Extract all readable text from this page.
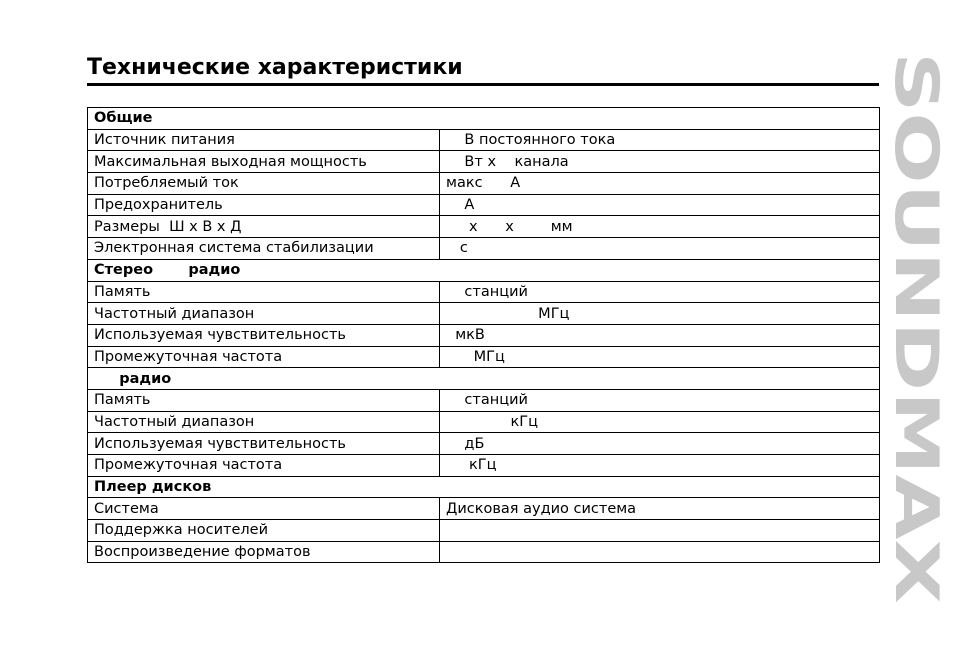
Технические характеристики	SOUNDMAX
Общие	
Источник питания	В постоянного тока
Максимальная выходная мощность	Вт х    канала
Потребляемый ток	макс      А
Предохранитель	А
Размеры  Ш х В х Д	х      х        мм
Электронная система стабилизации	с
Стерео       радио	
Память	станций
Частотный диапазон	МГц
Используемая чувствительность	мкВ
Промежуточная частота	МГц
радио	
Память	станций
Частотный диапазон	кГц
Используемая чувствительность	дБ
Промежуточная частота	кГц
Плеер дисков	
Система	Дисковая аудио система
Поддержка носителей	
Воспроизведение форматов	
